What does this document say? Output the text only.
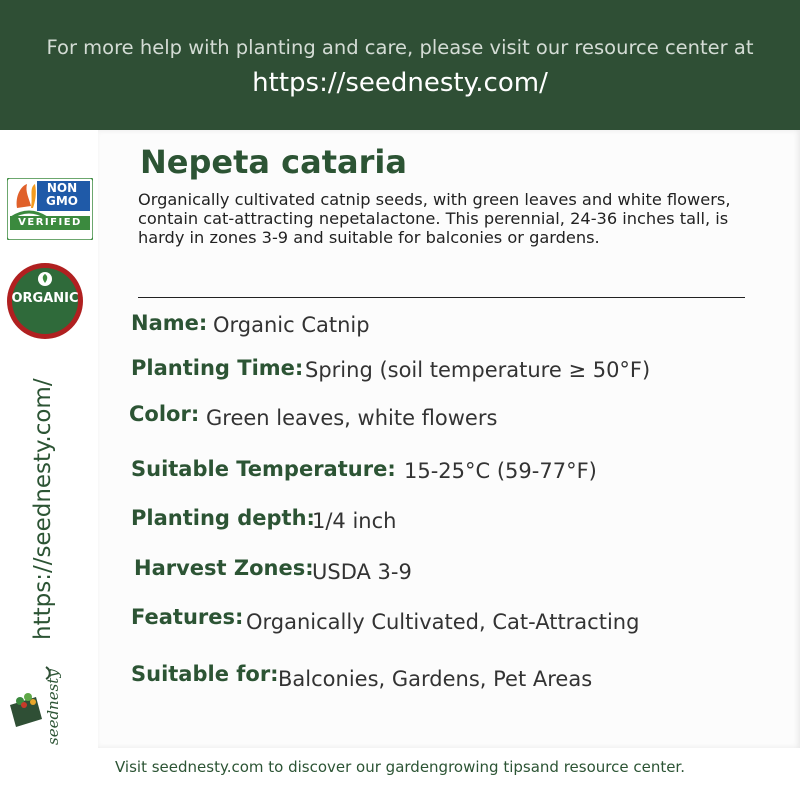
For more help with planting and care, please visit our resource center at
https://seednesty.com/
NON
GMO
VERIFIED
ORGANIC
https://seednesty.com/
seednesty
Nepeta cataria
Organically cultivated catnip seeds, with green leaves and white flowers, contain cat-attracting nepetalactone. This perennial, 24-36 inches tall, is hardy in zones 3-9 and suitable for balconies or gardens.
Name: Organic Catnip
Planting Time: Spring (soil temperature ≥ 50°F)
Color: Green leaves, white flowers
Suitable Temperature: 15-25°C (59-77°F)
Planting depth:
1/4 inch
Harvest Zones:
USDA 3-9
Features: Organically Cultivated, Cat-Attracting
Suitable for: Balconies, Gardens, Pet Areas
Visit seednesty.com to discover our gardengrowing tipsand resource center.
